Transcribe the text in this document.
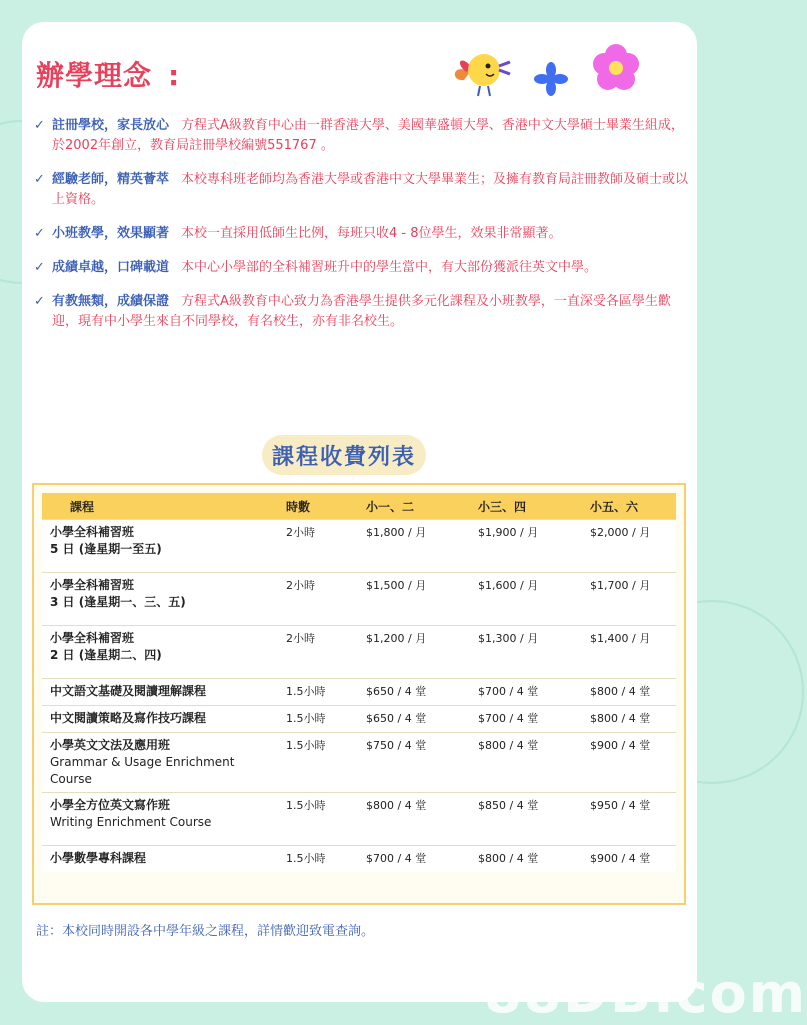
辦學理念 :
✓ 註冊學校，家長放心 方程式A級教育中心由一群香港大學、美國華盛頓大學、香港中文大學碩士畢業生組成，於2002年創立，教育局註冊學校編號551767 。
✓ 經驗老師，精英薈萃 本校專科班老師均為香港大學或香港中文大學畢業生；及擁有教育局註冊教師及碩士或以上資格。
✓ 小班教學，效果顯著 本校一直採用低師生比例，每班只收4 - 8位學生，效果非常顯著。
✓ 成績卓越，口碑載道 本中心小學部的全科補習班升中的學生當中，有大部份獲派往英文中學。
✓ 有教無類，成績保證 方程式A級教育中心致力為香港學生提供多元化課程及小班教學，一直深受各區學生歡迎，現有中小學生來自不同學校，有名校生，亦有非名校生。
課程收費列表
課程	時數	小一、二	小三、四	小五、六

小學全科補習班
5 日 (逢星期一至五)	2小時	$1,800 / 月	$1,900 / 月	$2,000 / 月

小學全科補習班
3 日 (逢星期一、三、五)	2小時	$1,500 / 月	$1,600 / 月	$1,700 / 月

小學全科補習班
2 日 (逢星期二、四)	2小時	$1,200 / 月	$1,300 / 月	$1,400 / 月

中文語文基礎及閱讀理解課程	1.5小時	$650 / 4 堂	$700 / 4 堂	$800 / 4 堂

中文閱讀策略及寫作技巧課程	1.5小時	$650 / 4 堂	$700 / 4 堂	$800 / 4 堂

小學英文文法及應用班
Grammar & Usage Enrichment Course	1.5小時	$750 / 4 堂	$800 / 4 堂	$900 / 4 堂

小學全方位英文寫作班
Writing Enrichment Course	1.5小時	$800 / 4 堂	$850 / 4 堂	$950 / 4 堂

小學數學專科課程	1.5小時	$700 / 4 堂	$800 / 4 堂	$900 / 4 堂
註：本校同時開設各中學年級之課程，詳情歡迎致電查詢。
88DB.com
